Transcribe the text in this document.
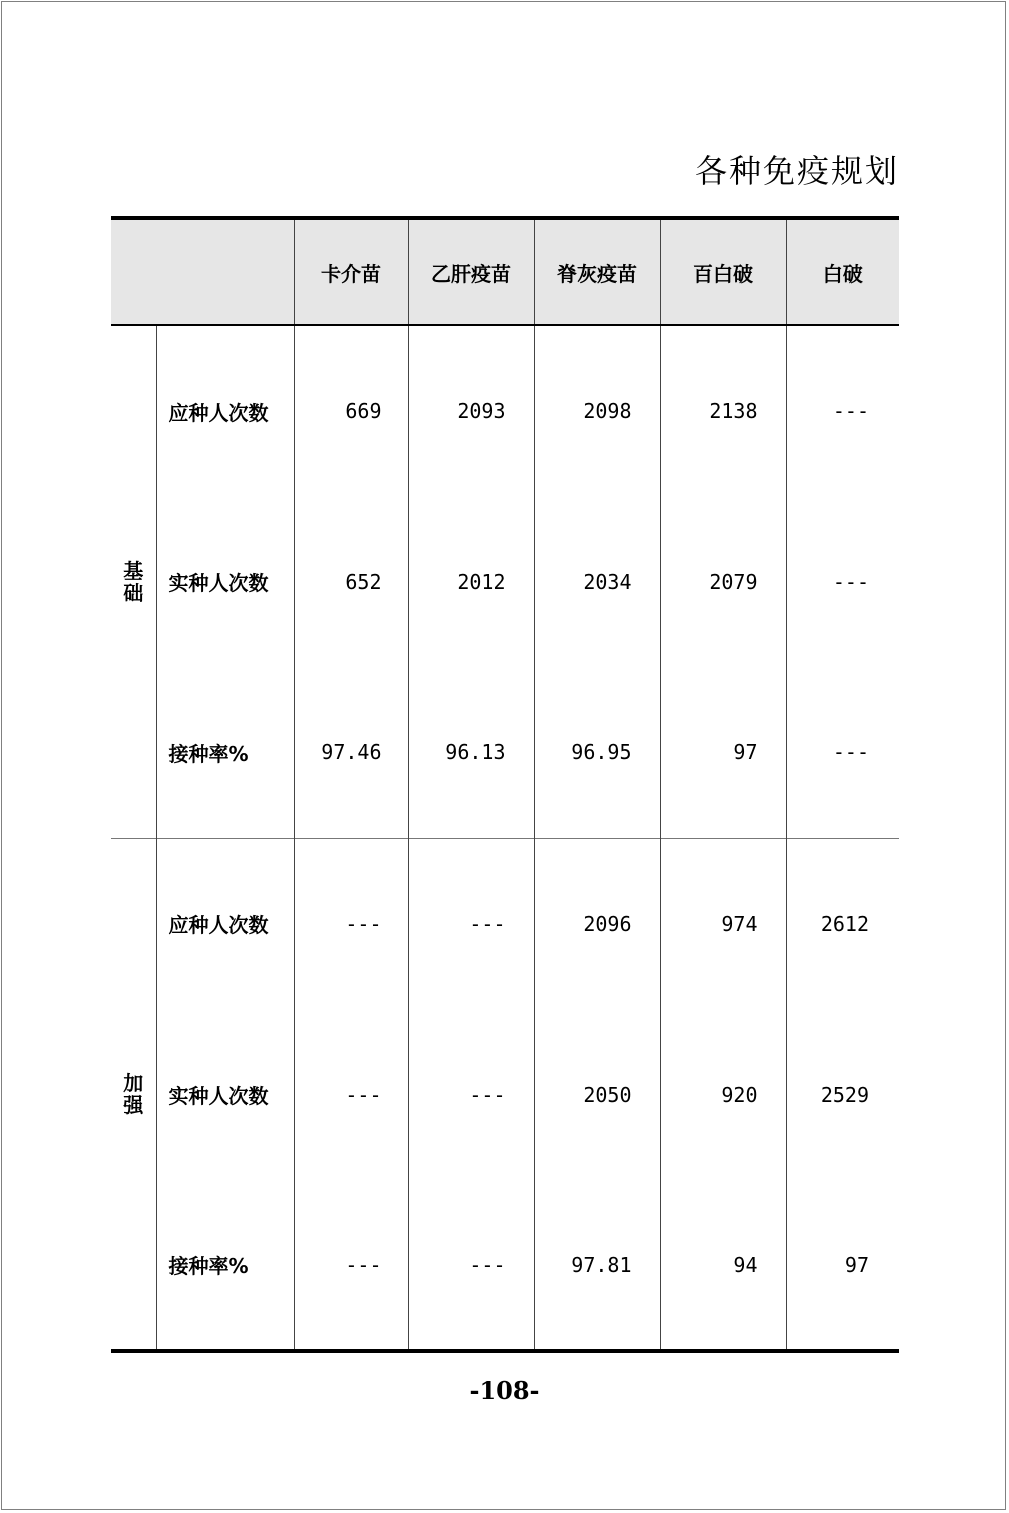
各种免疫规划
		卡介苗	乙肝疫苗	脊灰疫苗	百白破	白破

基础	应种人次数	669	2093	2098	2138	---
	实种人次数	652	2012	2034	2079	---
	接种率%	97.46	96.13	96.95	97	---

加强	应种人次数	---	---	2096	974	2612
	实种人次数	---	---	2050	920	2529
	接种率%	---	---	97.81	94	97
-108-
